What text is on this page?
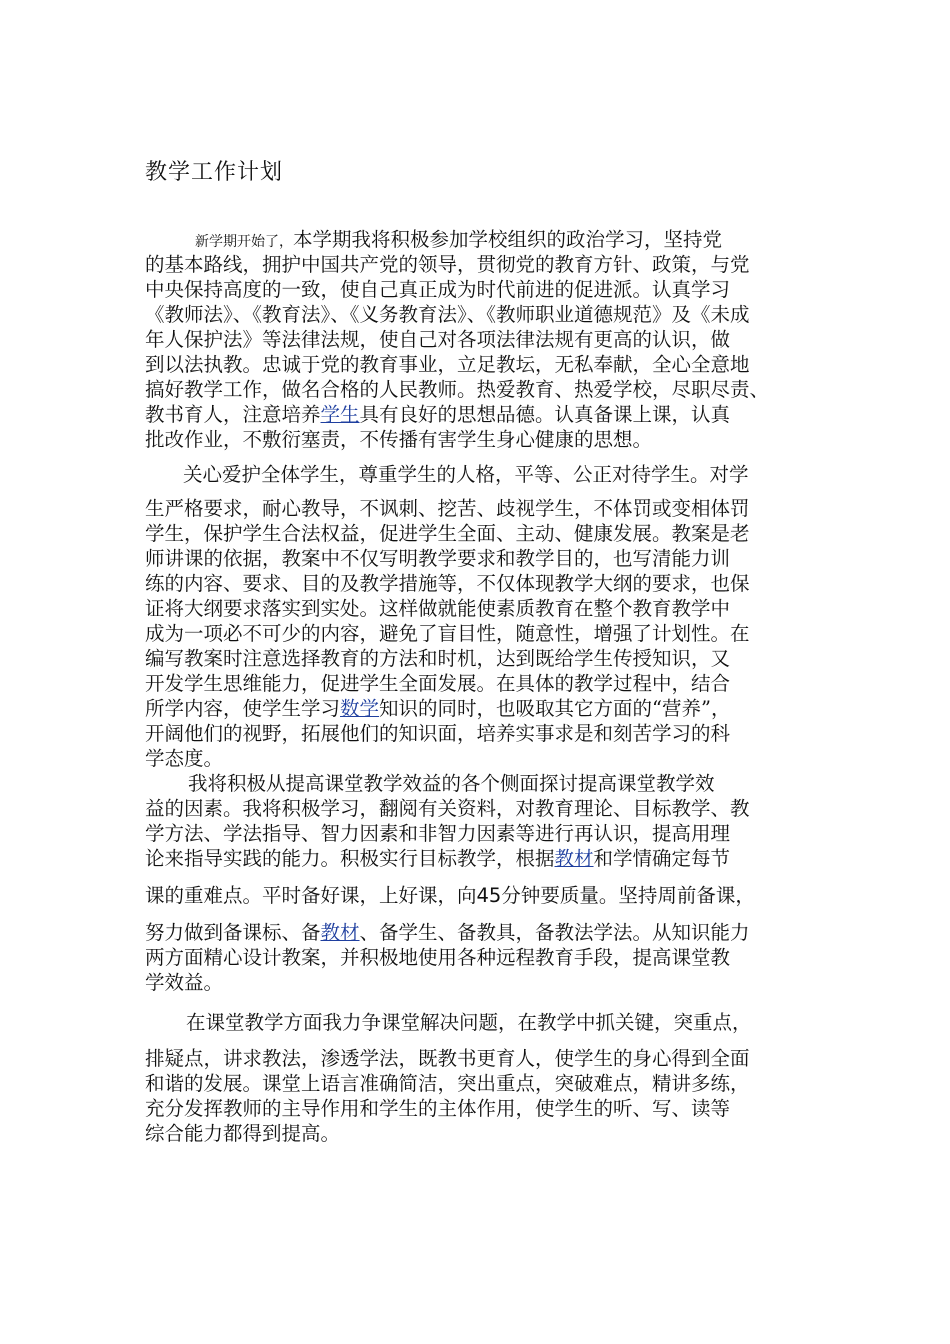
教学工作计划
新学期开始了，本学期我将积极参加学校组织的政治学习，坚持党
的基本路线，拥护中国共产党的领导，贯彻党的教育方针、政策，与党
中央保持高度的一致，使自己真正成为时代前进的促进派。认真学习
《教师法》、《教育法》、《义务教育法》、《教师职业道德规范》及《未成
年人保护法》等法律法规，使自己对各项法律法规有更高的认识，做
到以法执教。忠诚于党的教育事业，立足教坛，无私奉献，全心全意地
搞好教学工作，做名合格的人民教师。热爱教育、热爱学校，尽职尽责、
教书育人，注意培养学生具有良好的思想品德。认真备课上课，认真
批改作业，不敷衍塞责，不传播有害学生身心健康的思想。
关心爱护全体学生，尊重学生的人格，平等、公正对待学生。对学
生严格要求，耐心教导，不讽刺、挖苦、歧视学生，不体罚或变相体罚
学生，保护学生合法权益，促进学生全面、主动、健康发展。教案是老
师讲课的依据，教案中不仅写明教学要求和教学目的，也写清能力训
练的内容、要求、目的及教学措施等，不仅体现教学大纲的要求，也保
证将大纲要求落实到实处。这样做就能使素质教育在整个教育教学中
成为一项必不可少的内容，避免了盲目性，随意性，增强了计划性。在
编写教案时注意选择教育的方法和时机，达到既给学生传授知识，又
开发学生思维能力，促进学生全面发展。在具体的教学过程中，结合
所学内容，使学生学习数学知识的同时，也吸取其它方面的“营养”，
开阔他们的视野，拓展他们的知识面，培养实事求是和刻苦学习的科
学态度。
我将积极从提高课堂教学效益的各个侧面探讨提高课堂教学效
益的因素。我将积极学习，翻阅有关资料，对教育理论、目标教学、教
学方法、学法指导、智力因素和非智力因素等进行再认识，提高用理
论来指导实践的能力。积极实行目标教学，根据教材和学情确定每节
课的重难点。平时备好课，上好课，向45分钟要质量。坚持周前备课，
努力做到备课标、备教材、备学生、备教具，备教法学法。从知识能力
两方面精心设计教案，并积极地使用各种远程教育手段，提高课堂教
学效益。
在课堂教学方面我力争课堂解决问题，在教学中抓关键，突重点，
排疑点，讲求教法，渗透学法，既教书更育人，使学生的身心得到全面
和谐的发展。课堂上语言准确简洁，突出重点，突破难点，精讲多练，
充分发挥教师的主导作用和学生的主体作用，使学生的听、写、读等
综合能力都得到提高。
